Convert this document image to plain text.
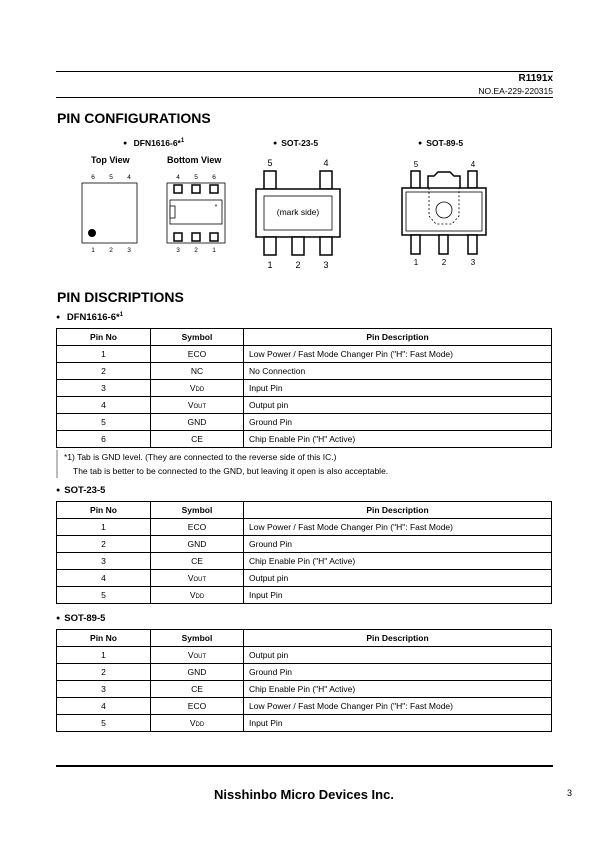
R1191x
NO.EA-229-220315
PIN CONFIGURATIONS
● DFN1616-6*$^1$
Top View	Bottom View
● SOT-23-5	● SOT-89-5
6 5 4
1 2 3
4 5 6
*
3 2 1
5	4
(mark side)
1	2	3
5	4
1	2	3
PIN DISCRIPTIONS
● DFN1616-6*$^1$
Pin No	Symbol	Pin Description
1	ECO	Low Power / Fast Mode Changer Pin ("H": Fast Mode)
2	NC	No Connection
3	VDD	Input Pin
4	VOUT	Output pin
5	GND	Ground Pin
6	CE	Chip Enable Pin ("H" Active)
*1) Tab is GND level. (They are connected to the reverse side of this IC.)
The tab is better to be connected to the GND, but leaving it open is also acceptable.
● SOT-23-5
Pin No	Symbol	Pin Description
1	ECO	Low Power / Fast Mode Changer Pin ("H": Fast Mode)
2	GND	Ground Pin
3	CE	Chip Enable Pin ("H" Active)
4	VOUT	Output pin
5	VDD	Input Pin
● SOT-89-5
Pin No	Symbol	Pin Description
1	VOUT	Output pin
2	GND	Ground Pin
3	CE	Chip Enable Pin ("H" Active)
4	ECO	Low Power / Fast Mode Changer Pin ("H": Fast Mode)
5	VDD	Input Pin
Nisshinbo Micro Devices Inc.	3
